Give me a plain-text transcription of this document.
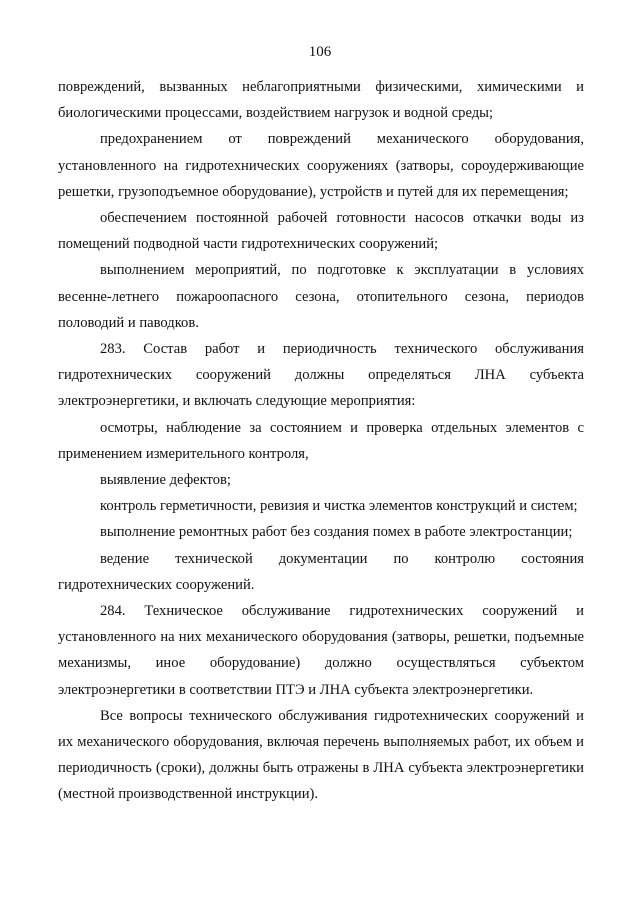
106

повреждений, вызванных неблагоприятными физическими, химическими и биологическими процессами, воздействием нагрузок и водной среды;

предохранением от повреждений механического оборудования, установленного на гидротехнических сооружениях (затворы, сороудерживающие решетки, грузоподъемное оборудование), устройств и путей для их перемещения;

обеспечением постоянной рабочей готовности насосов откачки воды из помещений подводной части гидротехнических сооружений;

выполнением мероприятий, по подготовке к эксплуатации в условиях весенне-летнего пожароопасного сезона, отопительного сезона, периодов половодий и паводков.

283. Состав работ и периодичность технического обслуживания гидротехнических сооружений должны определяться ЛНА субъекта электроэнергетики, и включать следующие мероприятия:

осмотры, наблюдение за состоянием и проверка отдельных элементов с применением измерительного контроля,

выявление дефектов;

контроль герметичности, ревизия и чистка элементов конструкций и систем;

выполнение ремонтных работ без создания помех в работе электростанции;

ведение технической документации по контролю состояния гидротехнических сооружений.

284. Техническое обслуживание гидротехнических сооружений и установленного на них механического оборудования (затворы, решетки, подъемные механизмы, иное оборудование) должно осуществляться субъектом электроэнергетики в соответствии ПТЭ и ЛНА субъекта электроэнергетики.

Все вопросы технического обслуживания гидротехнических сооружений и их механического оборудования, включая перечень выполняемых работ, их объем и периодичность (сроки), должны быть отражены в ЛНА субъекта электроэнергетики (местной производственной инструкции).
